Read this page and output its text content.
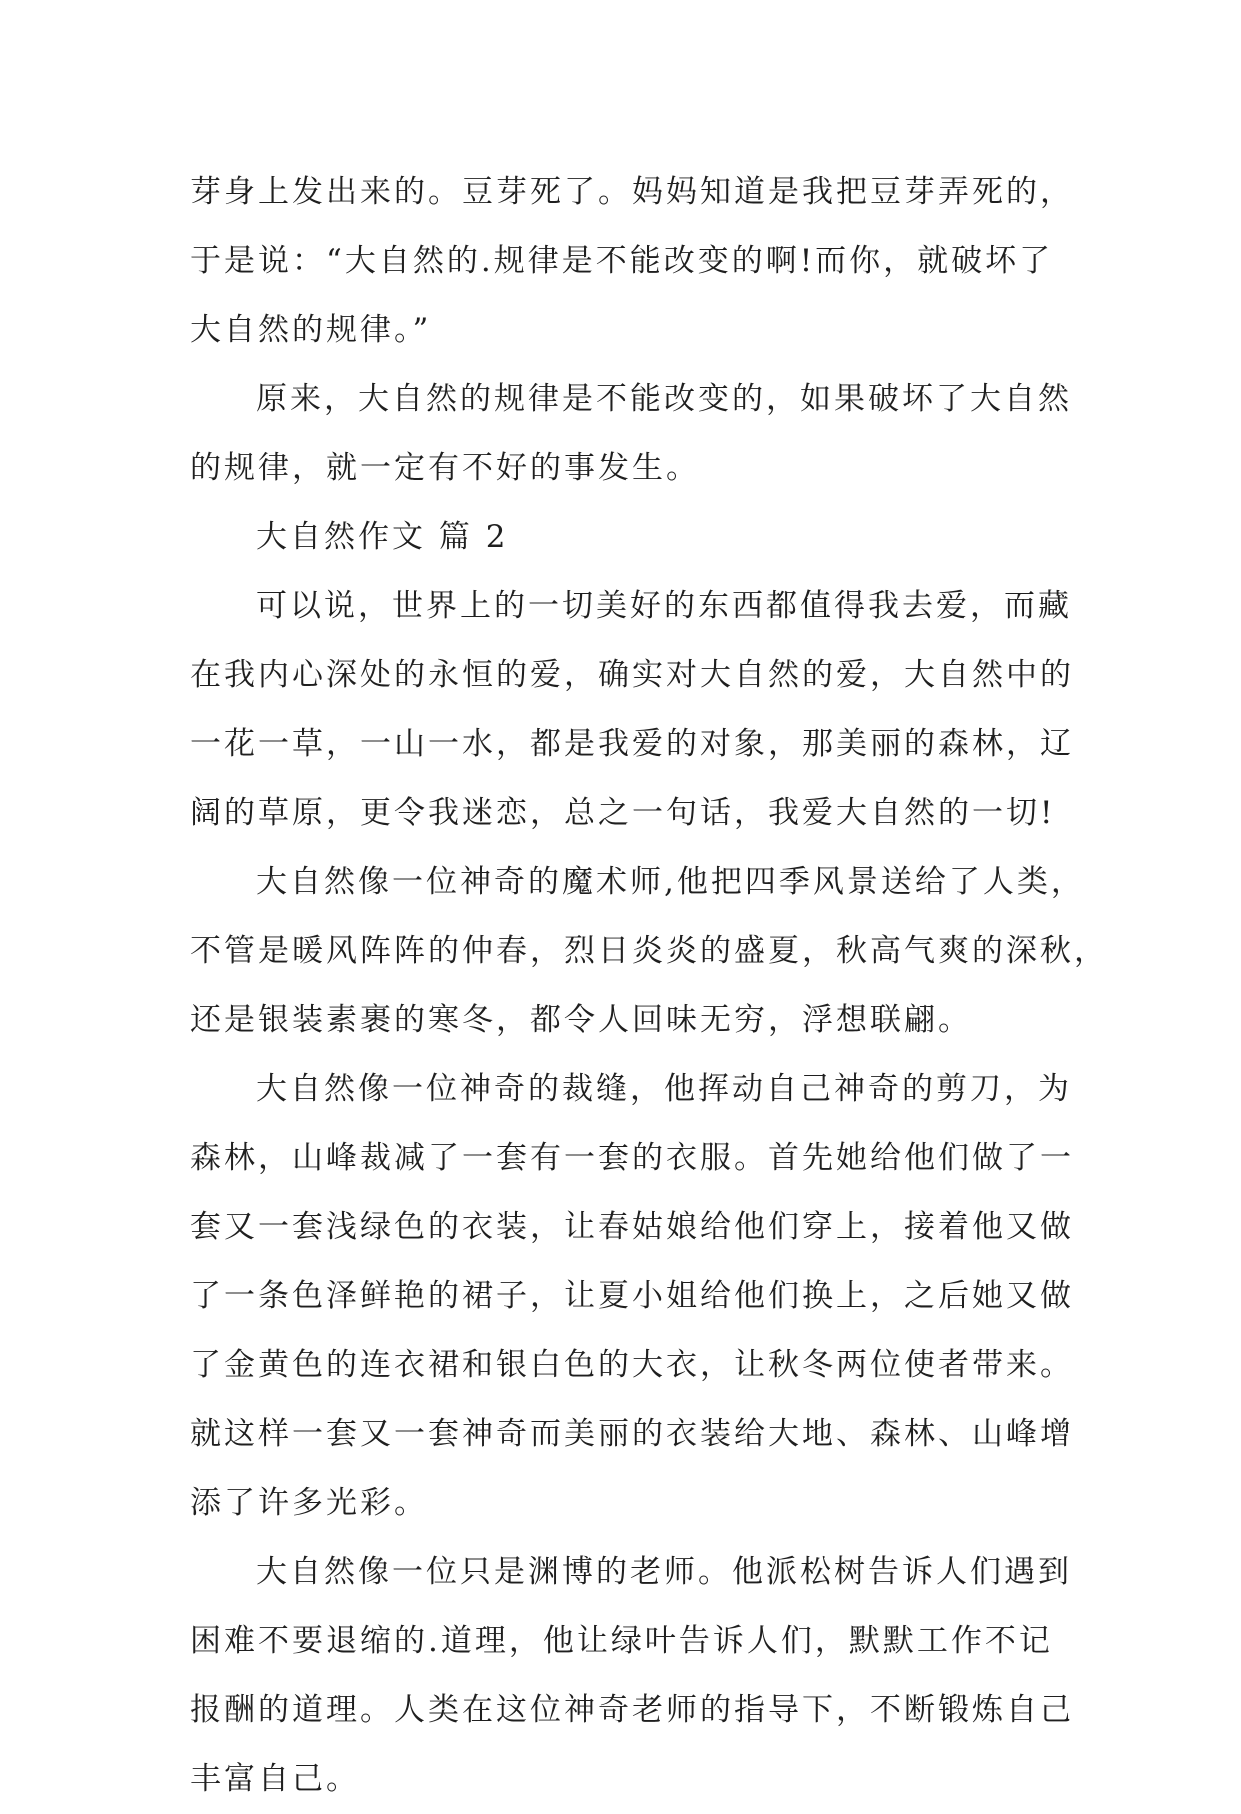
芽身上发出来的。豆芽死了。妈妈知道是我把豆芽弄死的，
于是说：“大自然的.规律是不能改变的啊!而你，就破坏了
大自然的规律。”
原来，大自然的规律是不能改变的，如果破坏了大自然
的规律，就一定有不好的事发生。
大自然作文 篇 2
可以说，世界上的一切美好的东西都值得我去爱，而藏
在我内心深处的永恒的爱，确实对大自然的爱，大自然中的
一花一草，一山一水，都是我爱的对象，那美丽的森林，辽
阔的草原，更令我迷恋，总之一句话，我爱大自然的一切!
大自然像一位神奇的魔术师,他把四季风景送给了人类，
不管是暖风阵阵的仲春，烈日炎炎的盛夏，秋高气爽的深秋，
还是银装素裹的寒冬，都令人回味无穷，浮想联翩。
大自然像一位神奇的裁缝，他挥动自己神奇的剪刀，为
森林，山峰裁减了一套有一套的衣服。首先她给他们做了一
套又一套浅绿色的衣装，让春姑娘给他们穿上，接着他又做
了一条色泽鲜艳的裙子，让夏小姐给他们换上，之后她又做
了金黄色的连衣裙和银白色的大衣，让秋冬两位使者带来。
就这样一套又一套神奇而美丽的衣装给大地、森林、山峰增
添了许多光彩。
大自然像一位只是渊博的老师。他派松树告诉人们遇到
困难不要退缩的.道理，他让绿叶告诉人们，默默工作不记
报酬的道理。人类在这位神奇老师的指导下，不断锻炼自己
丰富自己。
